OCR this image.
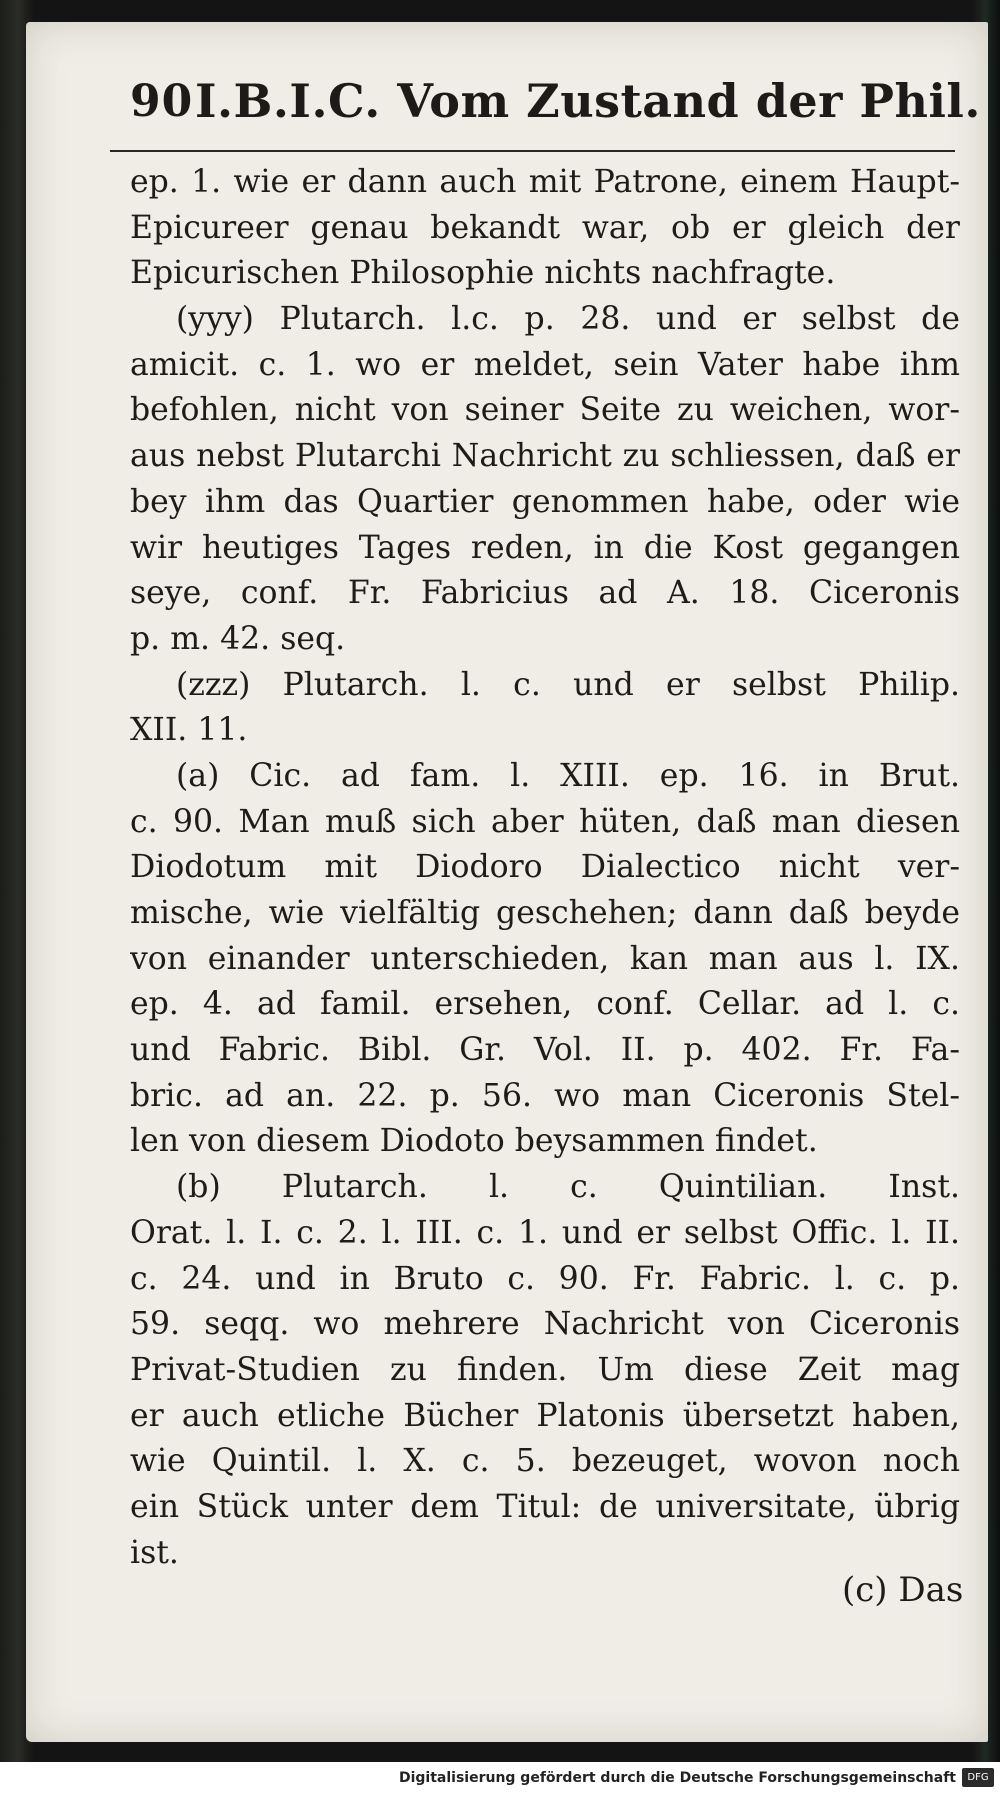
90 I.B.I.C. Vom Zustand der Phil.
ep. 1. wie er dann auch mit Patrone, einem Haupt-
Epicureer genau bekandt war, ob er gleich der
Epicurischen Philosophie nichts nachfragte.
(yyy) Plutarch. l.c. p. 28. und er selbst de
amicit. c. 1. wo er meldet, sein Vater habe ihm
befohlen, nicht von seiner Seite zu weichen, wor-
aus nebst Plutarchi Nachricht zu schliessen, daß er
bey ihm das Quartier genommen habe, oder wie
wir heutiges Tages reden, in die Kost gegangen
seye, conf. Fr. Fabricius ad A. 18. Ciceronis
p. m. 42. seq.
(zzz) Plutarch. l. c. und er selbst Philip.
XII. 11.
(a) Cic. ad fam. l. XIII. ep. 16. in Brut.
c. 90. Man muß sich aber hüten, daß man diesen
Diodotum mit Diodoro Dialectico nicht ver-
mische, wie vielfältig geschehen; dann daß beyde
von einander unterschieden, kan man aus l. IX.
ep. 4. ad famil. ersehen, conf. Cellar. ad l. c.
und Fabric. Bibl. Gr. Vol. II. p. 402. Fr. Fa-
bric. ad an. 22. p. 56. wo man Ciceronis Stel-
len von diesem Diodoto beysammen findet.
(b) Plutarch. l. c. Quintilian. Inst.
Orat. l. I. c. 2. l. III. c. 1. und er selbst Offic. l. II.
c. 24. und in Bruto c. 90. Fr. Fabric. l. c. p.
59. seqq. wo mehrere Nachricht von Ciceronis
Privat-Studien zu finden. Um diese Zeit mag
er auch etliche Bücher Platonis übersetzt haben,
wie Quintil. l. X. c. 5. bezeuget, wovon noch
ein Stück unter dem Titul: de universitate, übrig
ist.
(c) Das
Digitalisierung gefördert durch die Deutsche Forschungsgemeinschaft	DFG
